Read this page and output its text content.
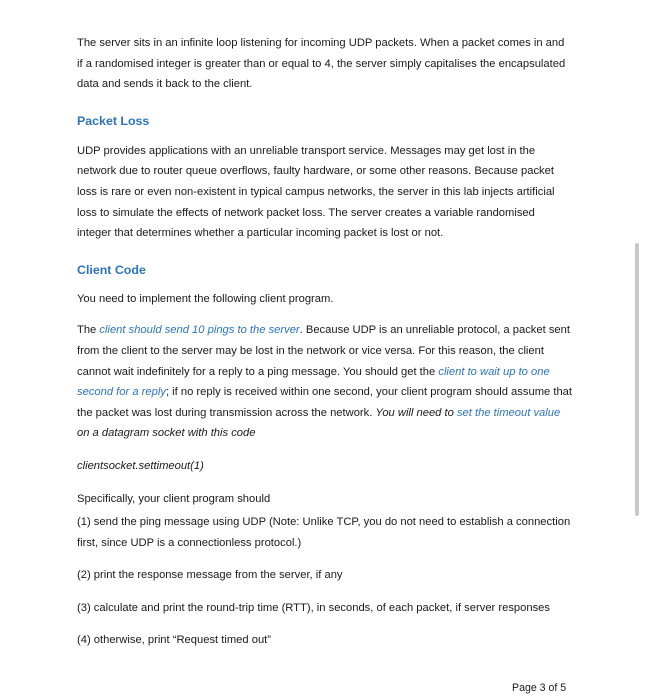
The server sits in an infinite loop listening for incoming UDP packets. When a packet comes in and if a randomised integer is greater than or equal to 4, the server simply capitalises the encapsulated data and sends it back to the client.

Packet Loss

UDP provides applications with an unreliable transport service. Messages may get lost in the network due to router queue overflows, faulty hardware, or some other reasons. Because packet loss is rare or even non-existent in typical campus networks, the server in this lab injects artificial loss to simulate the effects of network packet loss. The server creates a variable randomised integer that determines whether a particular incoming packet is lost or not.

Client Code

You need to implement the following client program.

The client should send 10 pings to the server. Because UDP is an unreliable protocol, a packet sent from the client to the server may be lost in the network or vice versa. For this reason, the client cannot wait indefinitely for a reply to a ping message. You should get the client to wait up to one second for a reply; if no reply is received within one second, your client program should assume that the packet was lost during transmission across the network. You will need to set the timeout value on a datagram socket with this code

clientsocket.settimeout(1)

Specifically, your client program should

(1) send the ping message using UDP (Note: Unlike TCP, you do not need to establish a connection first, since UDP is a connectionless protocol.)

(2) print the response message from the server, if any

(3) calculate and print the round-trip time (RTT), in seconds, of each packet, if server responses

(4) otherwise, print “Request timed out”

Page 3 of 5
